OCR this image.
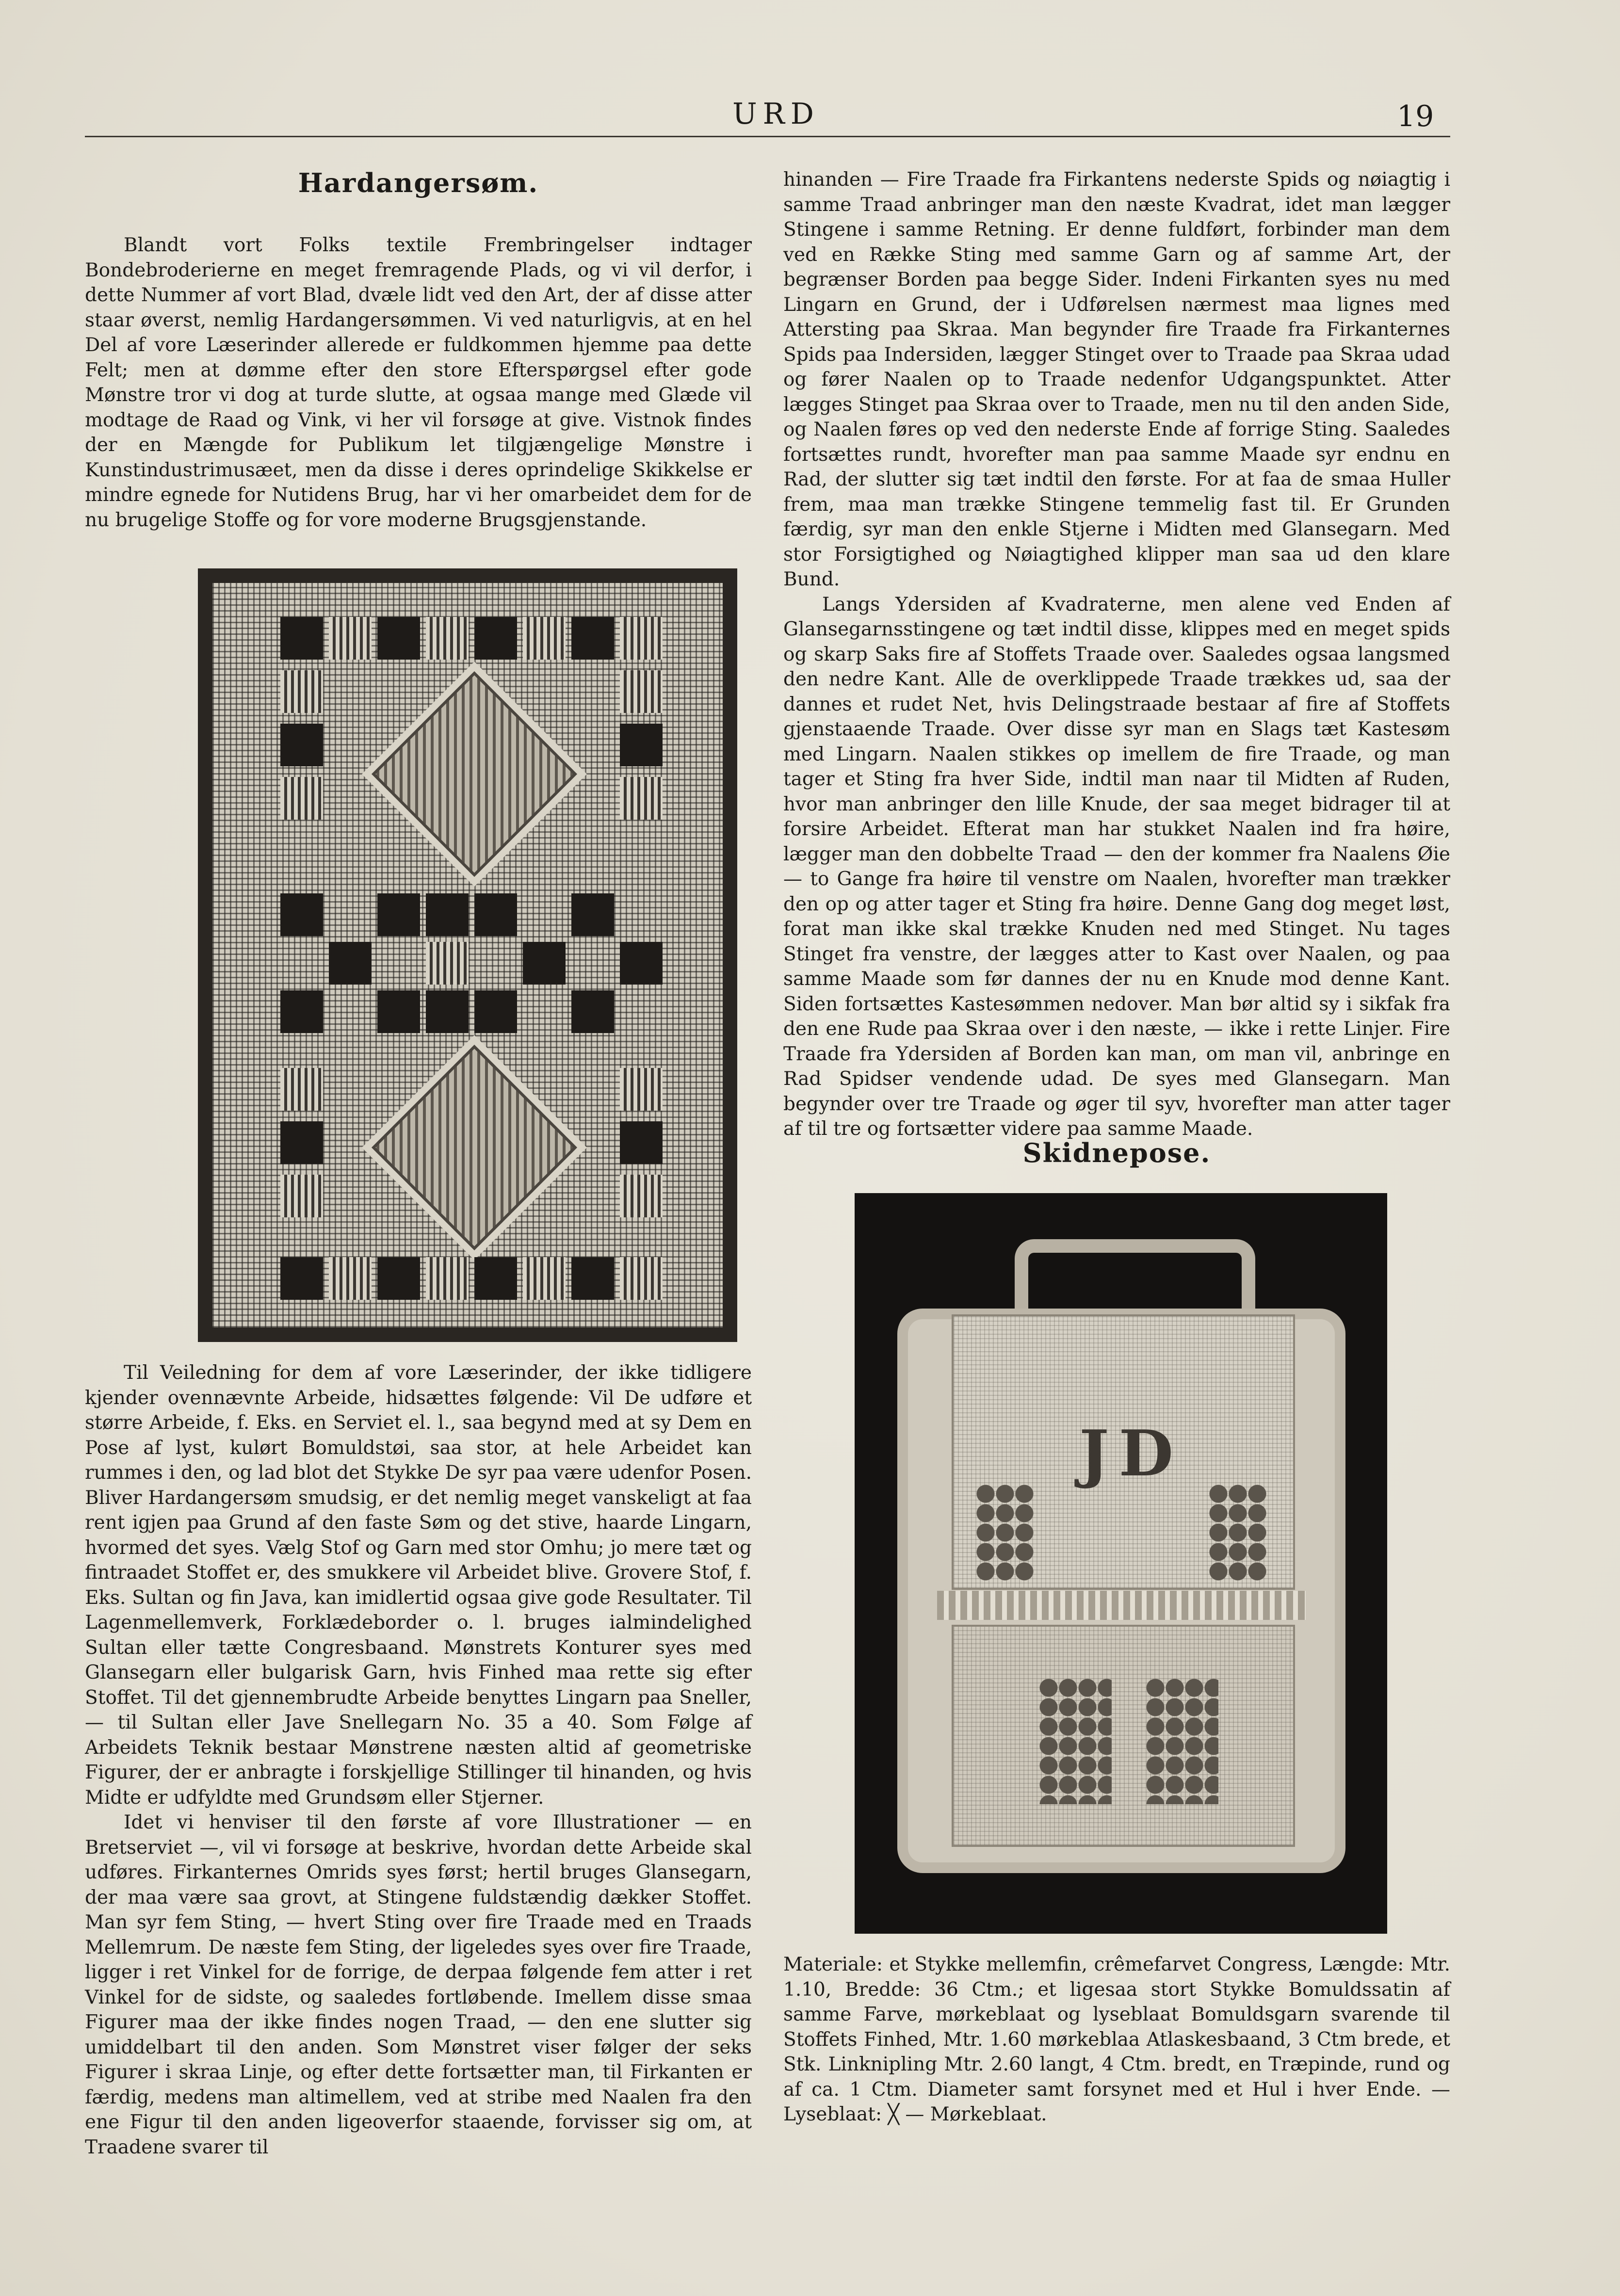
URD	19
Hardangersøm.

Blandt vort Folks textile Frembringelser indtager Bondebroderierne en meget fremragende Plads, og vi vil derfor, i dette Nummer af vort Blad, dvæle lidt ved den Art, der af disse atter staar øverst, nemlig Hardangersømmen. Vi ved naturligvis, at en hel Del af vore Læserinder allerede er fuldkommen hjemme paa dette Felt; men at dømme efter den store Efterspørgsel efter gode Mønstre tror vi dog at turde slutte, at ogsaa mange med Glæde vil modtage de Raad og Vink, vi her vil forsøge at give. Vistnok findes der en Mængde for Publikum let tilgjængelige Mønstre i Kunstindustrimusæet, men da disse i deres oprindelige Skikkelse er mindre egnede for Nutidens Brug, har vi her omarbeidet dem for de nu brugelige Stoffe og for vore moderne Brugsgjenstande.

Til Veiledning for dem af vore Læserinder, der ikke tidligere kjender ovennævnte Arbeide, hidsættes følgende: Vil De udføre et større Arbeide, f. Eks. en Serviet el. l., saa begynd med at sy Dem en Pose af lyst, kulørt Bomuldstøi, saa stor, at hele Arbeidet kan rummes i den, og lad blot det Stykke De syr paa være udenfor Posen. Bliver Hardangersøm smudsig, er det nemlig meget vanskeligt at faa rent igjen paa Grund af den faste Søm og det stive, haarde Lingarn, hvormed det syes. Vælg Stof og Garn med stor Omhu; jo mere tæt og fintraadet Stoffet er, des smukkere vil Arbeidet blive. Grovere Stof, f. Eks. Sultan og fin Java, kan imidlertid ogsaa give gode Resultater. Til Lagenmellemverk, Forklædeborder o. l. bruges ialmindelighed Sultan eller tætte Congresbaand. Mønstrets Konturer syes med Glansegarn eller bulgarisk Garn, hvis Finhed maa rette sig efter Stoffet. Til det gjennembrudte Arbeide benyttes Lingarn paa Sneller, — til Sultan eller Jave Snellegarn No. 35 a 40. Som Følge af Arbeidets Teknik bestaar Mønstrene næsten altid af geometriske Figurer, der er anbragte i forskjellige Stillinger til hinanden, og hvis Midte er udfyldte med Grundsøm eller Stjerner.

Idet vi henviser til den første af vore Illustrationer — en Bretserviet —, vil vi forsøge at beskrive, hvordan dette Arbeide skal udføres. Firkanternes Omrids syes først; hertil bruges Glansegarn, der maa være saa grovt, at Stingene fuldstændig dækker Stoffet. Man syr fem Sting, — hvert Sting over fire Traade med en Traads Mellemrum. De næste fem Sting, der ligeledes syes over fire Traade, ligger i ret Vinkel for de forrige, de derpaa følgende fem atter i ret Vinkel for de sidste, og saaledes fortløbende. Imellem disse smaa Figurer maa der ikke findes nogen Traad, — den ene slutter sig umiddelbart til den anden. Som Mønstret viser følger der seks Figurer i skraa Linje, og efter dette fortsætter man, til Firkanten er færdig, medens man altimellem, ved at stribe med Naalen fra den ene Figur til den anden ligeoverfor staaende, forvisser sig om, at Traadene svarer til

hinanden — Fire Traade fra Firkantens nederste Spids og nøiagtig i samme Traad anbringer man den næste Kvadrat, idet man lægger Stingene i samme Retning. Er denne fuldført, forbinder man dem ved en Række Sting med samme Garn og af samme Art, der begrænser Borden paa begge Sider. Indeni Firkanten syes nu med Lingarn en Grund, der i Udførelsen nærmest maa lignes med Attersting paa Skraa. Man begynder fire Traade fra Firkanternes Spids paa Indersiden, lægger Stinget over to Traade paa Skraa udad og fører Naalen op to Traade nedenfor Udgangspunktet. Atter lægges Stinget paa Skraa over to Traade, men nu til den anden Side, og Naalen føres op ved den nederste Ende af forrige Sting. Saaledes fortsættes rundt, hvorefter man paa samme Maade syr endnu en Rad, der slutter sig tæt indtil den første. For at faa de smaa Huller frem, maa man trække Stingene temmelig fast til. Er Grunden færdig, syr man den enkle Stjerne i Midten med Glansegarn. Med stor Forsigtighed og Nøiagtighed klipper man saa ud den klare Bund.

Langs Ydersiden af Kvadraterne, men alene ved Enden af Glansegarnsstingene og tæt indtil disse, klippes med en meget spids og skarp Saks fire af Stoffets Traade over. Saaledes ogsaa langsmed den nedre Kant. Alle de overklippede Traade trækkes ud, saa der dannes et rudet Net, hvis Delingstraade bestaar af fire af Stoffets gjenstaaende Traade. Over disse syr man en Slags tæt Kastesøm med Lingarn. Naalen stikkes op imellem de fire Traade, og man tager et Sting fra hver Side, indtil man naar til Midten af Ruden, hvor man anbringer den lille Knude, der saa meget bidrager til at forsire Arbeidet. Efterat man har stukket Naalen ind fra høire, lægger man den dobbelte Traad — den der kommer fra Naalens Øie — to Gange fra høire til venstre om Naalen, hvorefter man trækker den op og atter tager et Sting fra høire. Denne Gang dog meget løst, forat man ikke skal trække Knuden ned med Stinget. Nu tages Stinget fra venstre, der lægges atter to Kast over Naalen, og paa samme Maade som før dannes der nu en Knude mod denne Kant. Siden fortsættes Kastesømmen nedover. Man bør altid sy i sikfak fra den ene Rude paa Skraa over i den næste, — ikke i rette Linjer. Fire Traade fra Ydersiden af Borden kan man, om man vil, anbringe en Rad Spidser vendende udad. De syes med Glansegarn. Man begynder over tre Traade og øger til syv, hvorefter man atter tager af til tre og fortsætter videre paa samme Maade.

Skidnepose.
JD
Materiale: et Stykke mellemfin, crêmefarvet Congress, Længde: Mtr. 1.10, Bredde: 36 Ctm.; et ligesaa stort Stykke Bomuldssatin af samme Farve, mørkeblaat og lyseblaat Bomuldsgarn svarende til Stoffets Finhed, Mtr. 1.60 mørkeblaa Atlaskesbaand, 3 Ctm brede, et Stk. Linknipling Mtr. 2.60 langt, 4 Ctm. bredt, en Træpinde, rund og af ca. 1 Ctm. Diameter samt forsynet med et Hul i hver Ende. — Lyseblaat: ╳ — Mørkeblaat.
